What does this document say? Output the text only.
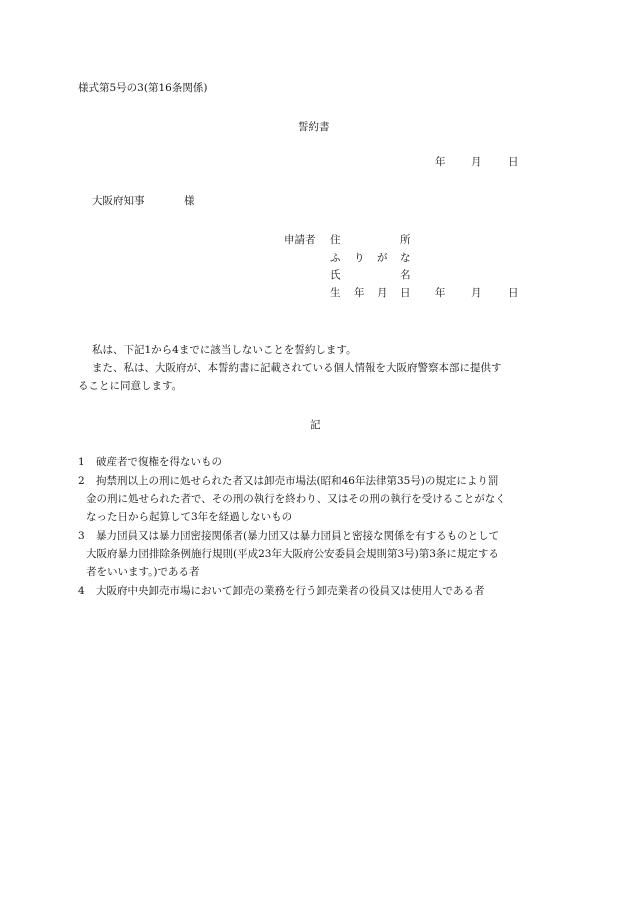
様式第5号の3(第16条関係)
誓約書
年 月	日
大阪府知事	様
申請者 住	所
ふ り が な
氏	名
生 年 月 日 年 月	日
私は、下記1から4までに該当しないことを誓約します。
また、私は、大阪府が、本誓約書に記載されている個人情報を大阪府警察本部に提供す
ることに同意します。
記
1 破産者で復権を得ないもの
2 拘禁刑以上の刑に処せられた者又は卸売市場法(昭和46年法律第35号)の規定により罰
金の刑に処せられた者で、その刑の執行を終わり、又はその刑の執行を受けることがなく
なった日から起算して3年を経過しないもの
3 暴力団員又は暴力団密接関係者(暴力団又は暴力団員と密接な関係を有するものとして
大阪府暴力団排除条例施行規則(平成23年大阪府公安委員会規則第3号)第3条に規定する
者をいいます。)である者
4 大阪府中央卸売市場において卸売の業務を行う卸売業者の役員又は使用人である者
